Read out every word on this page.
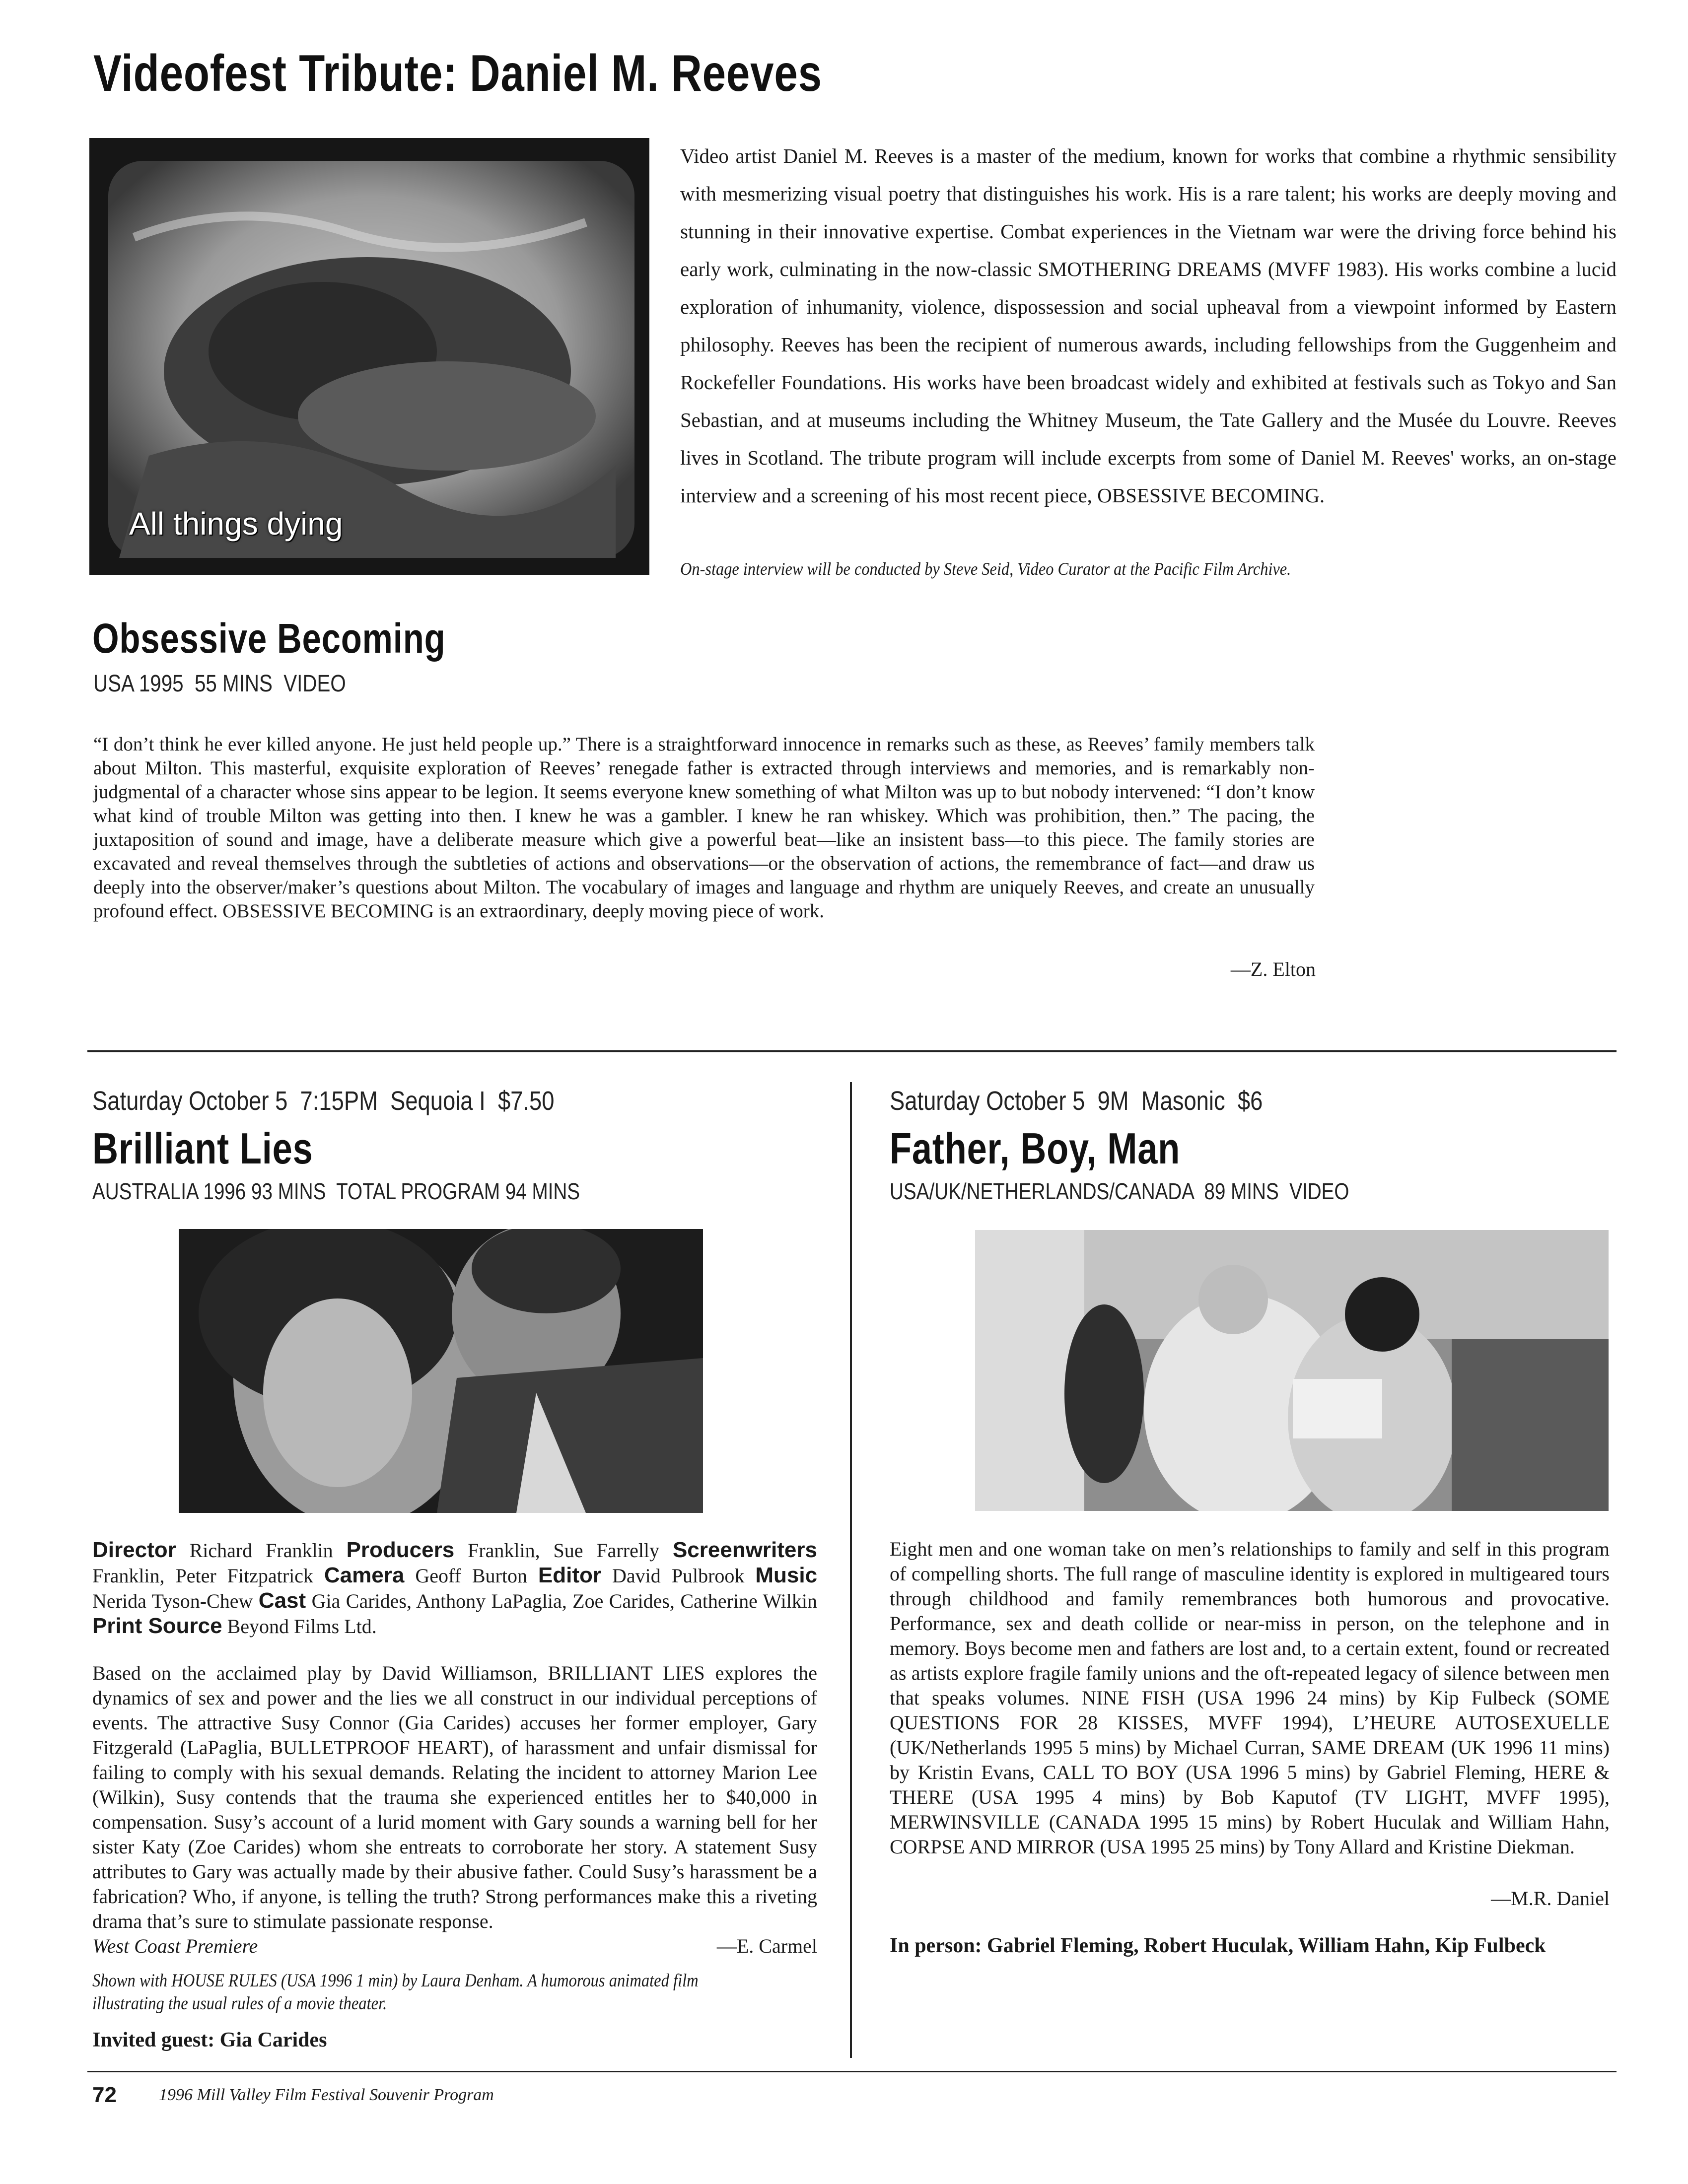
Videofest Tribute: Daniel M. Reeves
All things dying

Video artist Daniel M. Reeves is a master of the medium, known for works that combine a rhythmic sensibility with mesmerizing visual poetry that distinguishes his work. His is a rare talent; his works are deeply moving and stunning in their innovative expertise. Combat experiences in the Vietnam war were the driving force behind his early work, culminating in the now-classic SMOTHERING DREAMS (MVFF 1983). His works combine a lucid exploration of inhumanity, violence, dispossession and social upheaval from a viewpoint informed by Eastern philosophy. Reeves has been the recipient of numerous awards, including fellowships from the Guggenheim and Rockefeller Foundations. His works have been broadcast widely and exhibited at festivals such as Tokyo and San Sebastian, and at museums including the Whitney Museum, the Tate Gallery and the Musée du Louvre. Reeves lives in Scotland. The tribute program will include excerpts from some of Daniel M. Reeves' works, an on-stage interview and a screening of his most recent piece, OBSESSIVE BECOMING.

On-stage interview will be conducted by Steve Seid, Video Curator at the Pacific Film Archive.
Obsessive Becoming
USA 1995  55 MINS  VIDEO

“I don’t think he ever killed anyone. He just held people up.” There is a straightforward innocence in remarks such as these, as Reeves’ family members talk about Milton. This masterful, exquisite exploration of Reeves’ renegade father is extracted through interviews and memories, and is remarkably non-judgmental of a character whose sins appear to be legion. It seems everyone knew something of what Milton was up to but nobody intervened: “I don’t know what kind of trouble Milton was getting into then. I knew he was a gambler. I knew he ran whiskey. Which was prohibition, then.” The pacing, the juxtaposition of sound and image, have a deliberate measure which give a powerful beat—like an insistent bass—to this piece. The family stories are excavated and reveal themselves through the subtleties of actions and observations—or the observation of actions, the remembrance of fact—and draw us deeply into the observer/maker’s questions about Milton. The vocabulary of images and language and rhythm are uniquely Reeves, and create an unusually profound effect. OBSESSIVE BECOMING is an extraordinary, deeply moving piece of work.

—Z. Elton
Saturday October 5  7:15PM  Sequoia I  $7.50
Brilliant Lies
AUSTRALIA 1996 93 MINS  TOTAL PROGRAM 94 MINS

Director Richard Franklin Producers Franklin, Sue Farrelly Screenwriters Franklin, Peter Fitzpatrick Camera Geoff Burton Editor David Pulbrook Music Nerida Tyson-Chew Cast Gia Carides, Anthony LaPaglia, Zoe Carides, Catherine Wilkin Print Source Beyond Films Ltd.

Based on the acclaimed play by David Williamson, BRILLIANT LIES explores the dynamics of sex and power and the lies we all construct in our individual perceptions of events. The attractive Susy Connor (Gia Carides) accuses her former employer, Gary Fitzgerald (LaPaglia, BULLETPROOF HEART), of harassment and unfair dismissal for failing to comply with his sexual demands. Relating the incident to attorney Marion Lee (Wilkin), Susy contends that the trauma she experienced entitles her to $40,000 in compensation. Susy’s account of a lurid moment with Gary sounds a warning bell for her sister Katy (Zoe Carides) whom she entreats to corroborate her story. A statement Susy attributes to Gary was actually made by their abusive father. Could Susy’s harassment be a fabrication? Who, if anyone, is telling the truth? Strong performances make this a riveting drama that’s sure to stimulate passionate response.

West Coast Premiere	—E. Carmel
Shown with HOUSE RULES (USA 1996 1 min) by Laura Denham. A humorous animated film illustrating the usual rules of a movie theater.
Invited guest: Gia Carides
Saturday October 5  9M  Masonic  $6
Father, Boy, Man
USA/UK/NETHERLANDS/CANADA  89 MINS  VIDEO

Eight men and one woman take on men’s relationships to family and self in this program of compelling shorts. The full range of masculine identity is explored in multigeared tours through childhood and family remembrances both humorous and provocative. Performance, sex and death collide or near-miss in person, on the telephone and in memory. Boys become men and fathers are lost and, to a certain extent, found or recreated as artists explore fragile family unions and the oft-repeated legacy of silence between men that speaks volumes. NINE FISH (USA 1996 24 mins) by Kip Fulbeck (SOME QUESTIONS FOR 28 KISSES, MVFF 1994), L’HEURE AUTOSEXUELLE (UK/Netherlands 1995 5 mins) by Michael Curran, SAME DREAM (UK 1996 11 mins) by Kristin Evans, CALL TO BOY (USA 1996 5 mins) by Gabriel Fleming, HERE & THERE (USA 1995 4 mins) by Bob Kaputof (TV LIGHT, MVFF 1995), MERWINSVILLE (CANADA 1995 15 mins) by Robert Huculak and William Hahn, CORPSE AND MIRROR (USA 1995 25 mins) by Tony Allard and Kristine Diekman.

—M.R. Daniel
In person: Gabriel Fleming, Robert Huculak, William Hahn, Kip Fulbeck
72	1996 Mill Valley Film Festival Souvenir Program
